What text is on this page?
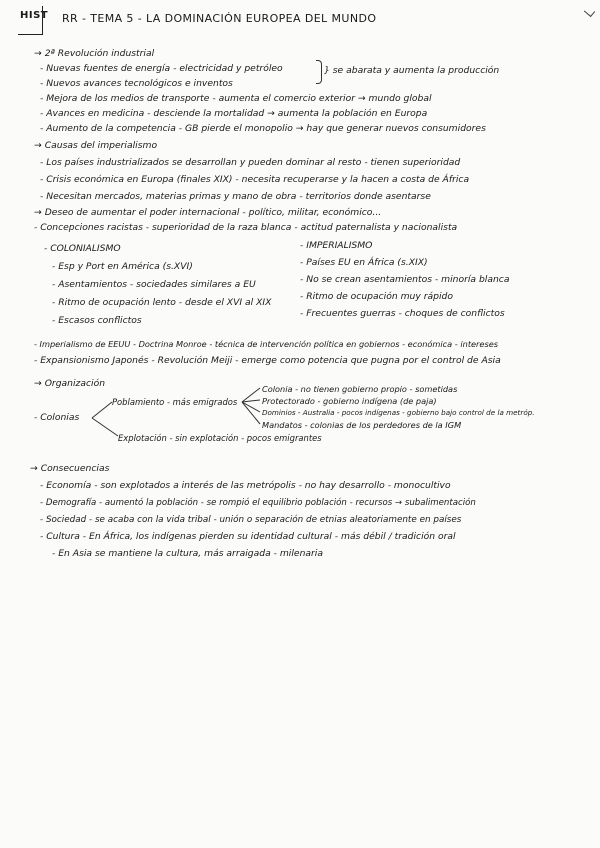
HIST RR - TEMA 5 - LA DOMINACIÓN EUROPEA DEL MUNDO
→ 2ª Revolución industrial
- Nuevas fuentes de energía - electricidad y petróleo	} se abarata y aumenta la producción
- Nuevos avances tecnológicos e inventos
- Mejora de los medios de transporte - aumenta el comercio exterior → mundo global
- Avances en medicina - desciende la mortalidad → aumenta la población en Europa
- Aumento de la competencia - GB pierde el monopolio → hay que generar nuevos consumidores
→ Causas del imperialismo
- Los países industrializados se desarrollan y pueden dominar al resto - tienen superioridad
- Crisis económica en Europa (finales XIX) - necesita recuperarse y la hacen a costa de África
- Necesitan mercados, materias primas y mano de obra - territorios donde asentarse
→ Deseo de aumentar el poder internacional - político, militar, económico...
- Concepciones racistas - superioridad de la raza blanca - actitud paternalista y nacionalista
- COLONIALISMO	- IMPERIALISMO
- Esp y Port en América (s.XVI)
- Asentamientos - sociedades similares a EU
- Ritmo de ocupación lento - desde el XVI al XIX
- Escasos conflictos
- Países EU en África (s.XIX)
- No se crean asentamientos - minoría blanca
- Ritmo de ocupación muy rápido
- Frecuentes guerras - choques de conflictos
- Imperialismo de EEUU - Doctrina Monroe - técnica de intervención política en gobiernos - económica - intereses
- Expansionismo Japonés - Revolución Meiji - emerge como potencia que pugna por el control de Asia
→ Organización
- Colonias
Poblamiento - más emigrados
Explotación - sin explotación - pocos emigrantes
Colonia - no tienen gobierno propio - sometidas
Protectorado - gobierno indígena (de paja)
Dominios - Australia - pocos indígenas - gobierno bajo control de la metróp.
Mandatos - colonias de los perdedores de la IGM
→ Consecuencias
- Economía - son explotados a interés de las metrópolis - no hay desarrollo - monocultivo
- Demografía - aumentó la población - se rompió el equilibrio población - recursos → subalimentación
- Sociedad - se acaba con la vida tribal - unión o separación de etnias aleatoriamente en países
- Cultura - En África, los indígenas pierden su identidad cultural - más débil / tradición oral
- En Asia se mantiene la cultura, más arraigada - milenaria
